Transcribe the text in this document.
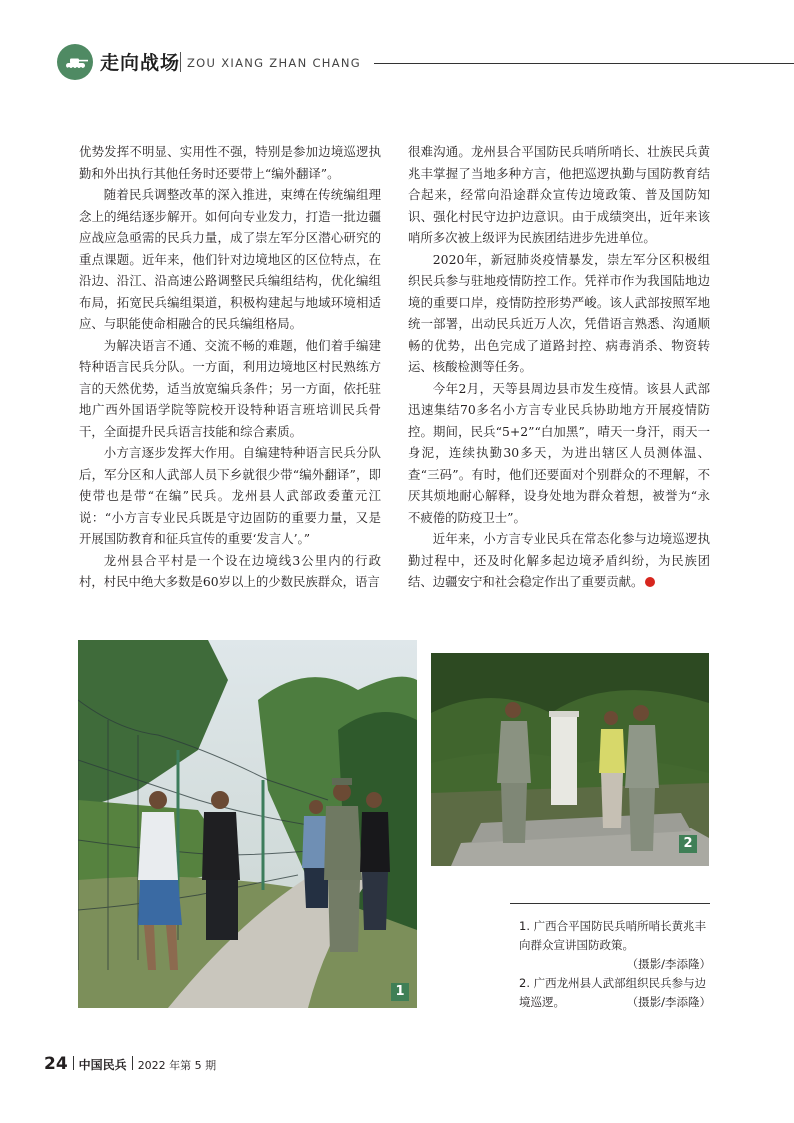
走向战场 ZOU XIANG ZHAN CHANG

优势发挥不明显、实用性不强，特别是参加边境巡逻执勤和外出执行其他任务时还要带上“编外翻译”。

随着民兵调整改革的深入推进，束缚在传统编组理念上的绳结逐步解开。如何向专业发力，打造一批边疆应战应急亟需的民兵力量，成了崇左军分区潜心研究的重点课题。近年来，他们针对边境地区的区位特点，在沿边、沿江、沿高速公路调整民兵编组结构，优化编组布局，拓宽民兵编组渠道，积极构建起与地域环境相适应、与职能使命相融合的民兵编组格局。

为解决语言不通、交流不畅的难题，他们着手编建特种语言民兵分队。一方面，利用边境地区村民熟练方言的天然优势，适当放宽编兵条件；另一方面，依托驻地广西外国语学院等院校开设特种语言班培训民兵骨干，全面提升民兵语言技能和综合素质。

小方言逐步发挥大作用。自编建特种语言民兵分队后，军分区和人武部人员下乡就很少带“编外翻译”，即使带也是带“在编”民兵。龙州县人武部政委董元江说：“小方言专业民兵既是守边固防的重要力量，又是开展国防教育和征兵宣传的重要‘发言人’。”

龙州县合平村是一个设在边境线3公里内的行政村，村民中绝大多数是60岁以上的少数民族群众，语言

很难沟通。龙州县合平国防民兵哨所哨长、壮族民兵黄兆丰掌握了当地多种方言，他把巡逻执勤与国防教育结合起来，经常向沿途群众宣传边境政策、普及国防知识、强化村民守边护边意识。由于成绩突出，近年来该哨所多次被上级评为民族团结进步先进单位。

2020年，新冠肺炎疫情暴发，崇左军分区积极组织民兵参与驻地疫情防控工作。凭祥市作为我国陆地边境的重要口岸，疫情防控形势严峻。该人武部按照军地统一部署，出动民兵近万人次，凭借语言熟悉、沟通顺畅的优势，出色完成了道路封控、病毒消杀、物资转运、核酸检测等任务。

今年2月，天等县周边县市发生疫情。该县人武部迅速集结70多名小方言专业民兵协助地方开展疫情防控。期间，民兵“5+2”“白加黑”，晴天一身汗，雨天一身泥，连续执勤30多天，为进出辖区人员测体温、查“三码”。有时，他们还要面对个别群众的不理解，不厌其烦地耐心解释，设身处地为群众着想，被誉为“永不疲倦的防疫卫士”。

近年来，小方言专业民兵在常态化参与边境巡逻执勤过程中，还及时化解多起边境矛盾纠纷，为民族团结、边疆安宁和社会稳定作出了重要贡献。

1
2

1. 广西合平国防民兵哨所哨长黄兆丰向群众宣讲国防政策。
（摄影/李添隆）

2. 广西龙州县人武部组织民兵参与边境巡逻。	（摄影/李添隆）

24 中国民兵 2022 年第 5 期
